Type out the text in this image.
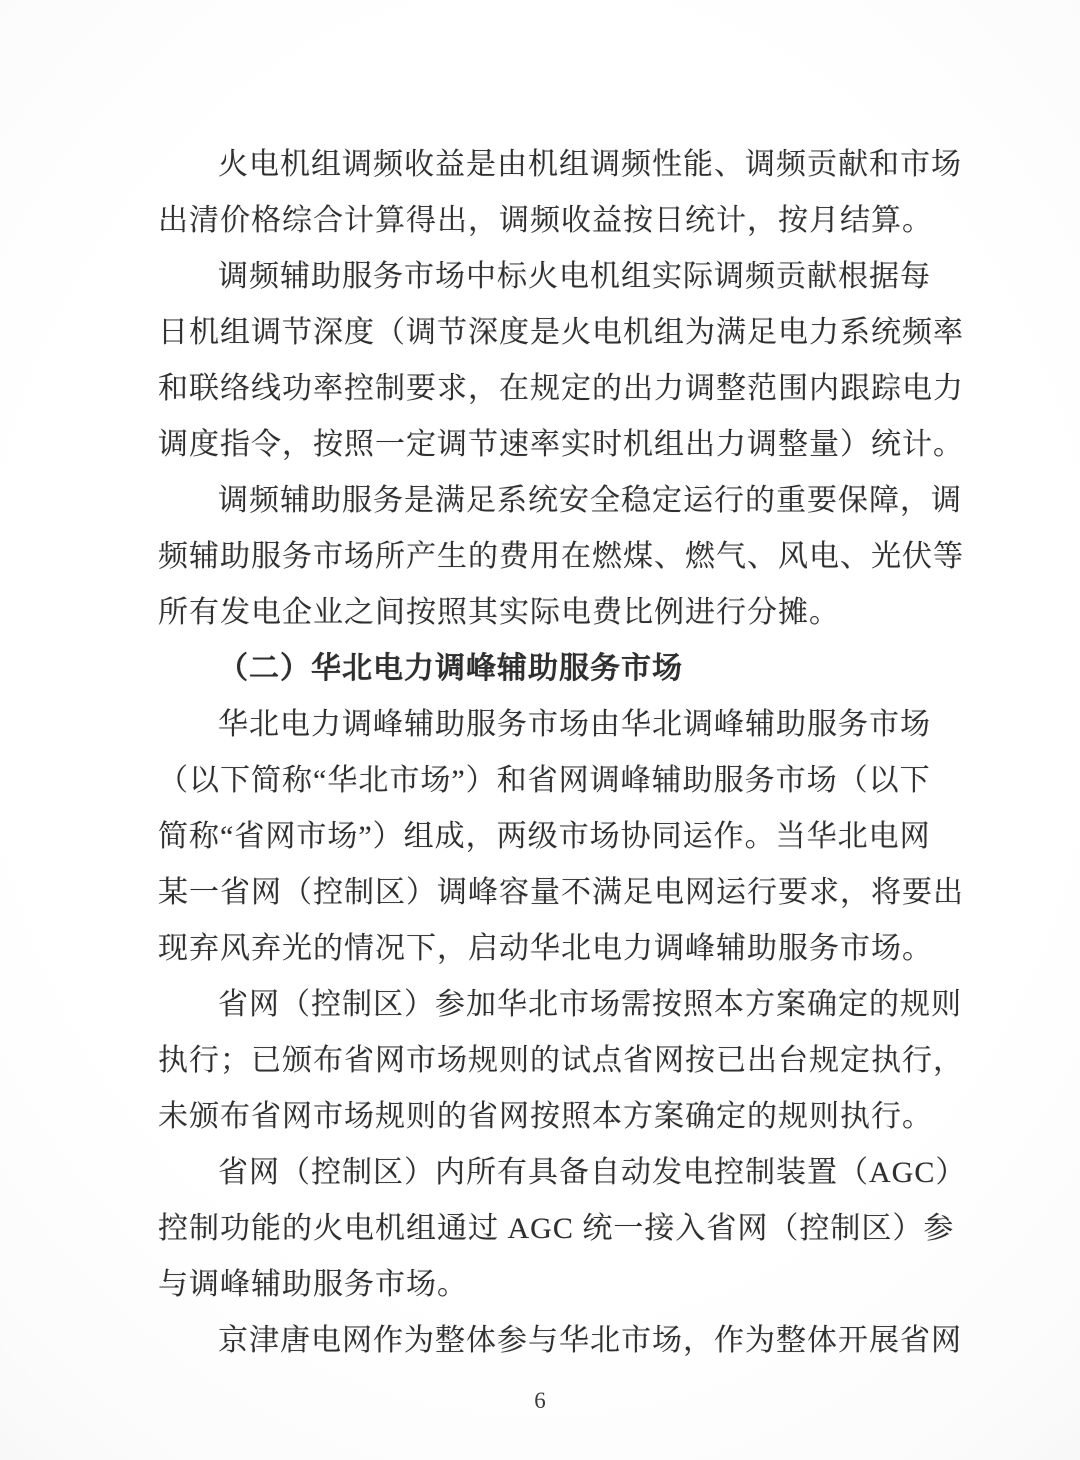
火电机组调频收益是由机组调频性能、调频贡献和市场
出清价格综合计算得出，调频收益按日统计，按月结算。
调频辅助服务市场中标火电机组实际调频贡献根据每
日机组调节深度（调节深度是火电机组为满足电力系统频率
和联络线功率控制要求，在规定的出力调整范围内跟踪电力
调度指令，按照一定调节速率实时机组出力调整量）统计。
调频辅助服务是满足系统安全稳定运行的重要保障，调
频辅助服务市场所产生的费用在燃煤、燃气、风电、光伏等
所有发电企业之间按照其实际电费比例进行分摊。
（二）华北电力调峰辅助服务市场
华北电力调峰辅助服务市场由华北调峰辅助服务市场
（以下简称“华北市场”）和省网调峰辅助服务市场（以下
简称“省网市场”）组成，两级市场协同运作。当华北电网
某一省网（控制区）调峰容量不满足电网运行要求，将要出
现弃风弃光的情况下，启动华北电力调峰辅助服务市场。
省网（控制区）参加华北市场需按照本方案确定的规则
执行；已颁布省网市场规则的试点省网按已出台规定执行，
未颁布省网市场规则的省网按照本方案确定的规则执行。
省网（控制区）内所有具备自动发电控制装置（AGC）
控制功能的火电机组通过 AGC 统一接入省网（控制区）参
与调峰辅助服务市场。
京津唐电网作为整体参与华北市场，作为整体开展省网
6
